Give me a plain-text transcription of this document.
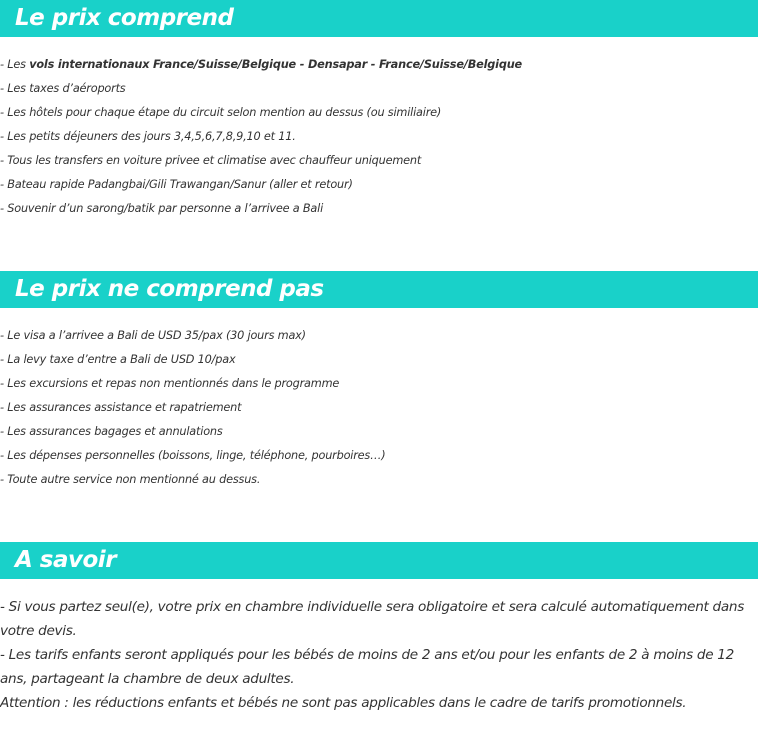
Le prix comprend
- Les vols internationaux France/Suisse/Belgique - Densapar - France/Suisse/Belgique
- Les taxes d’aéroports
- Les hôtels pour chaque étape du circuit selon mention au dessus (ou similiaire)
- Les petits déjeuners des jours 3,4,5,6,7,8,9,10 et 11.
- Tous les transfers en voiture privee et climatise avec chauffeur uniquement
- Bateau rapide Padangbai/Gili Trawangan/Sanur (aller et retour)
- Souvenir d’un sarong/batik par personne a l’arrivee a Bali
Le prix ne comprend pas
- Le visa a l’arrivee a Bali de USD 35/pax (30 jours max)
- La levy taxe d’entre a Bali de USD 10/pax
- Les excursions et repas non mentionnés dans le programme
- Les assurances assistance et rapatriement
- Les assurances bagages et annulations
- Les dépenses personnelles (boissons, linge, téléphone, pourboires…)
- Toute autre service non mentionné au dessus.
A savoir

- Si vous partez seul(e), votre prix en chambre individuelle sera obligatoire et sera calculé automatiquement dans votre devis.

- Les tarifs enfants seront appliqués pour les bébés de moins de 2 ans et/ou pour les enfants de 2 à moins de 12 ans, partageant la chambre de deux adultes.

Attention : les réductions enfants et bébés ne sont pas applicables dans le cadre de tarifs promotionnels.
